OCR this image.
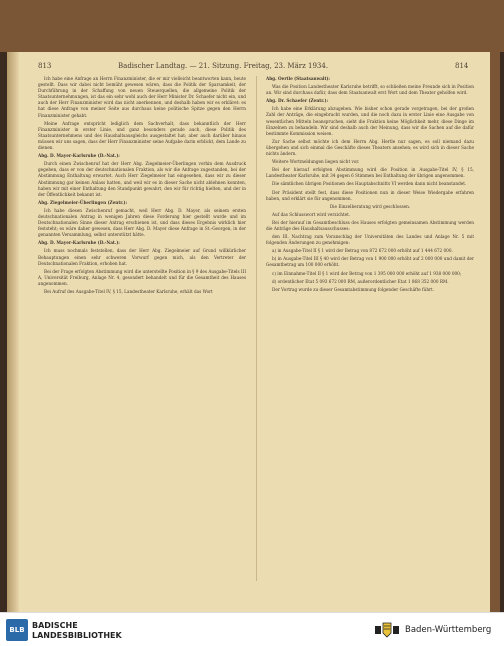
813	Badischer Landtag. — 21. Sitzung. Freitag, 23. März 1934.	814

Ich habe eine Anfrage an Herrn Finanzminister, die er mir vielleicht beantworten kann, heute gestellt. Dass wir dabei nicht bemüht gewesen wären, dass die Politik der Sparsamkeit, der Durchführung in der Schaffung von neuen Steuerquellen, die allgemeine Politik der Staatsunternehmungen, ist das ein sehr wohl auch der Herr Minister Dr. Schaefer nicht ein, und auch der Herr Finanzminister wird das nicht anerkennen, und deshalb haben wir es erkläret: es hat diese Anfrage von meiner Seite aus durchaus keine politische Spitze gegen den Herrn Finanzminister gehabt.

Meine Anfrage entspricht lediglich dem Sachverhalt, dass bekanntlich der Herr Finanzminister in erster Linie, und ganz besonders gerade auch, diese Politik des Staatsunternehmens und des Haushaltsausgleichs ausgestaltet hat; aber auch darüber hinaus müssen wir uns sagen, dass der Herr Finanzminister seine Aufgabe darin erblickt, dem Lande zu dienen.

Abg. D. Mayer-Karlsruhe (D.-Nat.):

Durch einen Zwischenruf hat der Herr Abg. Ziegelmeier-Überlingen vorhin dem Ausdruck gegeben, dass er von der deutschnationalen Fraktion, als wir die Anfrage zugestanden, bei der Abstimmung Enthaltung erwartet. Auch Herr Ziegelmeier hat eingesehen, dass wir zu dieser Abstimmung gar keinen Anlass hatten, und weil wir es in dieser Sache nicht ablehnen konnten, haben wir mit einer Enthaltung den Standpunkt gewahrt, den wir für richtig hielten, und der in der Öffentlichkeit bekannt ist.

Abg. Ziegelmeier-Überlingen (Zentr.):

Ich habe diesen Zwischenruf gemacht, weil Herr Abg. D. Mayer, als seinem ersten deutschnationalen Antrag in wenigen Jahren diese Forderung hier gestellt wurde und im Deutschnationalen Sinne dieser Antrag erschienen ist, und dass dieses Ergebnis wirklich hier feststeht; es wäre daher gewesen, dass Herr Abg. D. Mayer diese Anfrage in St.-Georgen, in der genannten Versammlung, selbst unterstützt hätte.

Abg. D. Mayer-Karlsruhe (D.-Nat.):

Ich muss nochmals feststellen, dass der Herr Abg. Ziegelmeier auf Grund willkürlicher Behauptungen einen sehr schweren Vorwurf gegen mich, als den Vertreter der Deutschnationalen Fraktion, erhoben hat.

Bei der Frage erfolgten Abstimmung wird die unterstellte Position in § 9 des Ausgabe-Titels III A, Universität Freiburg, Anlage Nr. 4, gesondert behandelt und für die Gesamtheit des Hauses angenommen.

Bei Aufruf des Ausgabe-Titel IV, § 15, Landestheater Karlsruhe, erhält das Wort

Abg. Oertle (Staatsanwalt):

Was die Position Landestheater Karlsruhe betrifft, so schließen meine Freunde sich in Position an. Wir sind durchaus dafür, dass dem Staatsanwalt erst Wort und dem Theater geholfen wird.

Abg. Dr. Schaefer (Zentr.):

Ich habe eine Erklärung abzugeben. Wie bisher schon gerade vorgetragen, bei der großen Zahl der Anträge, die eingebracht wurden, und die noch dazu in erster Linie eine Ausgabe von wesentlichen Mitteln beanspruchen, sieht die Fraktion keine Möglichkeit mehr, diese Dinge im Einzelnen zu behandeln. Wir sind deshalb auch der Meinung, dass wir die Sachen auf die dafür bestimmte Kommission weisen.

Zur Sache selbst möchte ich dem Herrn Abg. Hertle nur sagen, es soll niemand dazu übergehen und sich einmal die Geschäfte dieses Theaters ansehen; es wird sich in dieser Sache nichts ändern.

Weitere Wortmeldungen liegen nicht vor.

Bei der hierauf erfolgten Abstimmung wird die Position in Ausgabe-Titel IV, § 15, Landestheater Karlsruhe, mit 34 gegen 6 Stimmen bei Enthaltung der übrigen angenommen.

Die sämtlichen übrigen Positionen des Hauptabschnitts VI werden dann nicht beanstandet.

Der Präsident stellt fest, dass diese Positionen nun in dieser Weise Wiedergabe erfahren haben, und erklärt sie für angenommen.

Die Einzelberatung wird geschlossen.

Auf das Schlusswort wird verzichtet.

Bei der hierauf im Gesamtbeschluss des Hauses erfolgten gemeinsamen Abstimmung werden die Anträge des Haushaltsausschusses:

den III. Nachtrag zum Voranschlag der Universitäten des Landes und Anlage Nr. 5 mit folgenden Änderungen zu genehmigen:

a) in Ausgabe-Titel II § 1 wird der Betrag von 872 672 000 erhöht auf 1 444 672 000.

b) in Ausgabe-Titel III § 40 wird der Betrag von 1 900 000 erhöht auf 2 000 000 und damit der Gesamtbetrag um 100 000 erhöht.

c) im Einnahme-Titel II § 1 wird der Betrag von 1 395 000 000 erhöht auf 1 938 000 000;

d) ordentlicher Etat 5 093 672 000 RM, außerordentlicher Etat 1 868 352 000 RM.

Der Vortrag wurde zu dieser Gesamtabstimmung folgender Geschäfte führt.

BLB BADISCHE
LANDESBIBLIOTHEK
Baden-Württemberg
